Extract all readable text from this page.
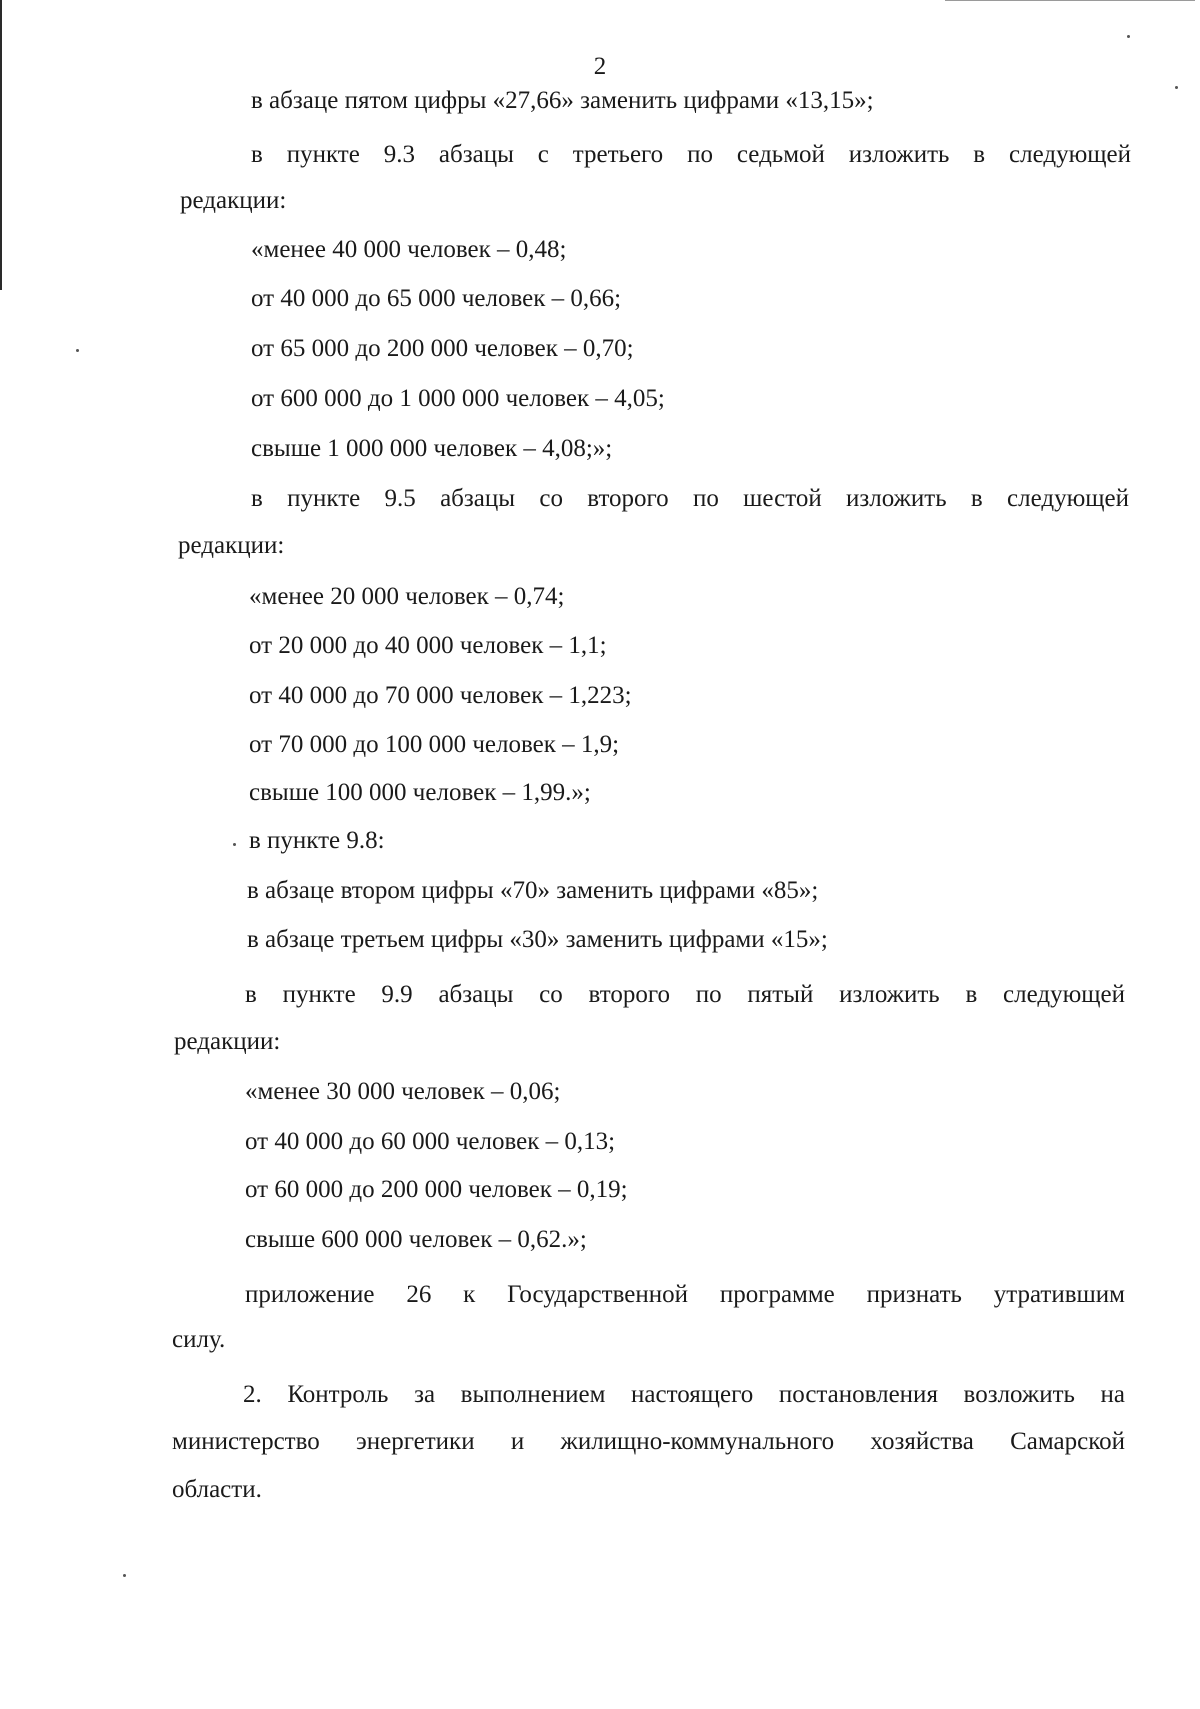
2
в абзаце пятом цифры «27,66» заменить цифрами «13,15»;
в пункте 9.3 абзацы с третьего по седьмой изложить в следующей
редакции:
«менее 40 000 человек – 0,48;
от 40 000 до 65 000 человек – 0,66;
от 65 000 до 200 000 человек – 0,70;
от 600 000 до 1 000 000 человек – 4,05;
свыше 1 000 000 человек – 4,08;»;
в пункте 9.5 абзацы со второго по шестой изложить в следующей
редакции:
«менее 20 000 человек – 0,74;
от 20 000 до 40 000 человек – 1,1;
от 40 000 до 70 000 человек – 1,223;
от 70 000 до 100 000 человек – 1,9;
свыше 100 000 человек – 1,99.»;
в пункте 9.8:
в абзаце втором цифры «70» заменить цифрами «85»;
в абзаце третьем цифры «30» заменить цифрами «15»;
в пункте 9.9 абзацы со второго по пятый изложить в следующей
редакции:
«менее 30 000 человек – 0,06;
от 40 000 до 60 000 человек – 0,13;
от 60 000 до 200 000 человек – 0,19;
свыше 600 000 человек – 0,62.»;
приложение 26 к Государственной программе признать утратившим
силу.
2. Контроль за выполнением настоящего постановления возложить на
министерство энергетики и жилищно-коммунального хозяйства Самарской
области.
